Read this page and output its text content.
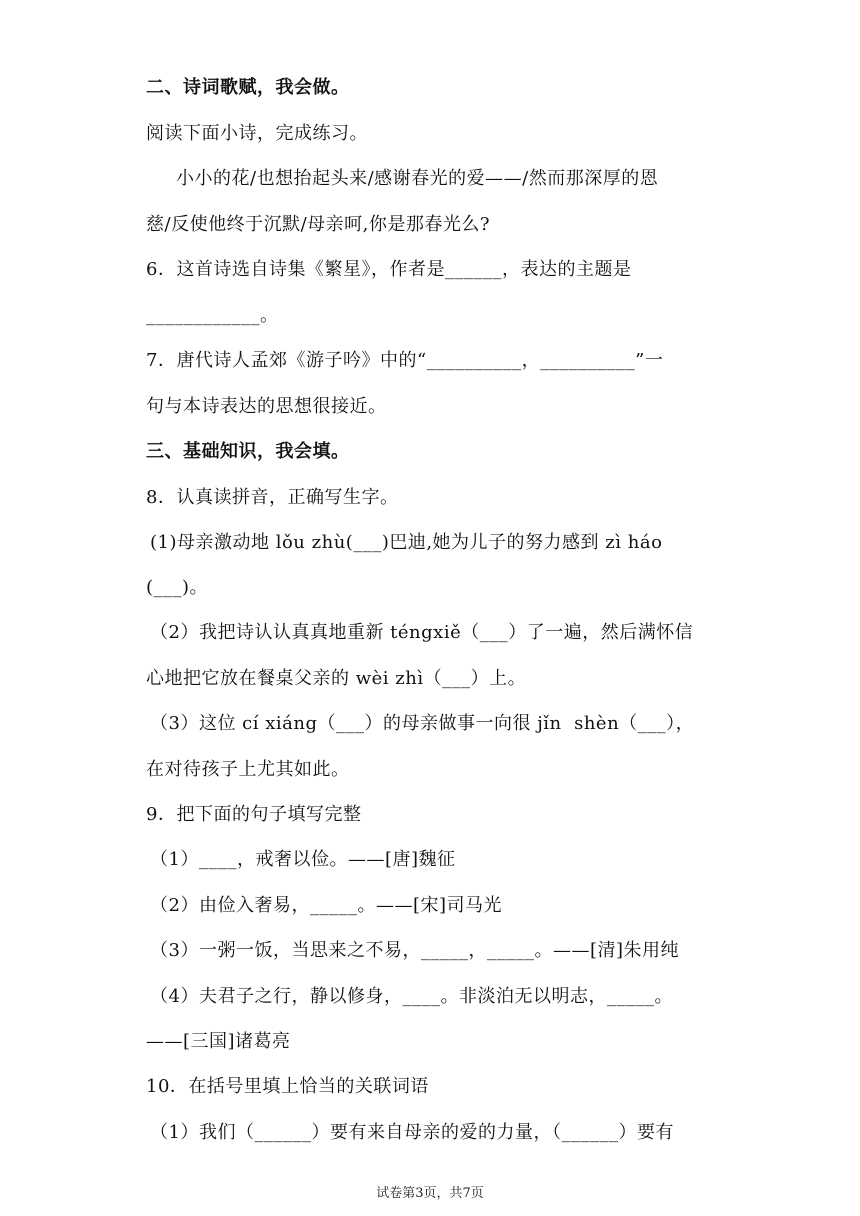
二、诗词歌赋，我会做。
阅读下面小诗，完成练习。
小小的花/也想抬起头来/感谢春光的爱——/然而那深厚的恩
慈/反使他终于沉默/母亲呵,你是那春光么?
6．这首诗选自诗集《繁星》，作者是______，表达的主题是
____________。
7．唐代诗人孟郊《游子吟》中的“__________，__________”一
句与本诗表达的思想很接近。
三、基础知识，我会填。
8．认真读拼音，正确写生字。
(1)母亲激动地 lǒu zhù(___)巴迪,她为儿子的努力感到 zì háo
(___)。
（2）我把诗认认真真地重新 téngxiě（___）了一遍，然后满怀信
心地把它放在餐桌父亲的 wèi zhì（___）上。
（3）这位 cí xiáng（___）的母亲做事一向很 jǐn  shèn（___），
在对待孩子上尤其如此。
9．把下面的句子填写完整
（1）____，戒奢以俭。——[唐]魏征
（2）由俭入奢易，_____。——[宋]司马光
（3）一粥一饭，当思来之不易，_____，_____。——[清]朱用纯
（4）夫君子之行，静以修身，____。非淡泊无以明志，_____。
——[三国]诸葛亮
10．在括号里填上恰当的关联词语
（1）我们（______）要有来自母亲的爱的力量，（______）要有
试卷第3页，共7页
